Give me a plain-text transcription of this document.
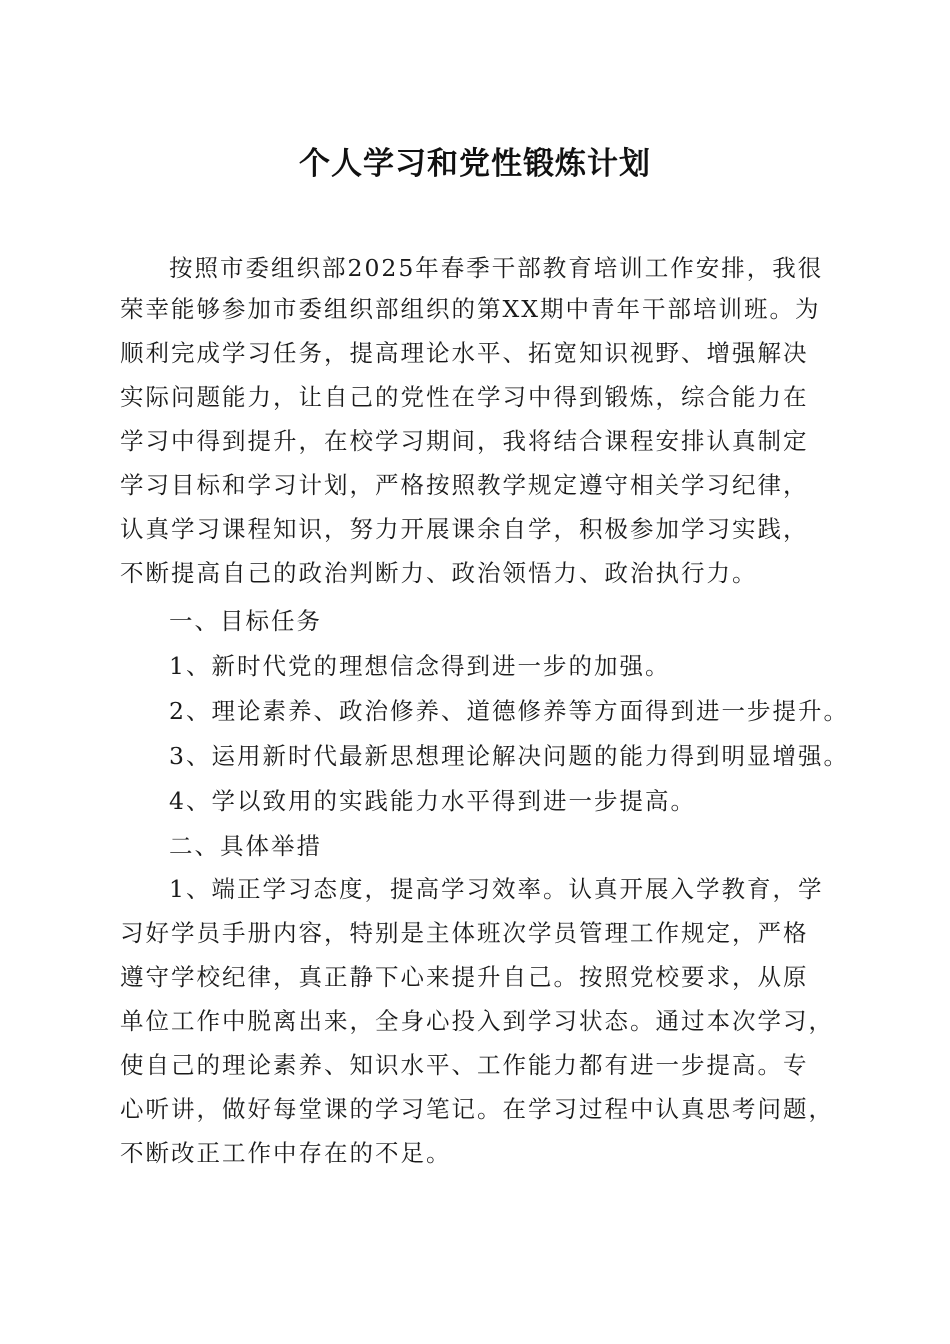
个人学习和党性锻炼计划
按照市委组织部2025年春季干部教育培训工作安排，我很
荣幸能够参加市委组织部组织的第XX期中青年干部培训班。为
顺利完成学习任务，提高理论水平、拓宽知识视野、增强解决
实际问题能力，让自己的党性在学习中得到锻炼，综合能力在
学习中得到提升，在校学习期间，我将结合课程安排认真制定
学习目标和学习计划，严格按照教学规定遵守相关学习纪律，
认真学习课程知识，努力开展课余自学，积极参加学习实践，
不断提高自己的政治判断力、政治领悟力、政治执行力。
一、目标任务
1、新时代党的理想信念得到进一步的加强。
2、理论素养、政治修养、道德修养等方面得到进一步提升。
3、运用新时代最新思想理论解决问题的能力得到明显增强。
4、学以致用的实践能力水平得到进一步提高。
二、具体举措
1、端正学习态度，提高学习效率。认真开展入学教育，学
习好学员手册内容，特别是主体班次学员管理工作规定，严格
遵守学校纪律，真正静下心来提升自己。按照党校要求，从原
单位工作中脱离出来，全身心投入到学习状态。通过本次学习，
使自己的理论素养、知识水平、工作能力都有进一步提高。专
心听讲，做好每堂课的学习笔记。在学习过程中认真思考问题，
不断改正工作中存在的不足。
